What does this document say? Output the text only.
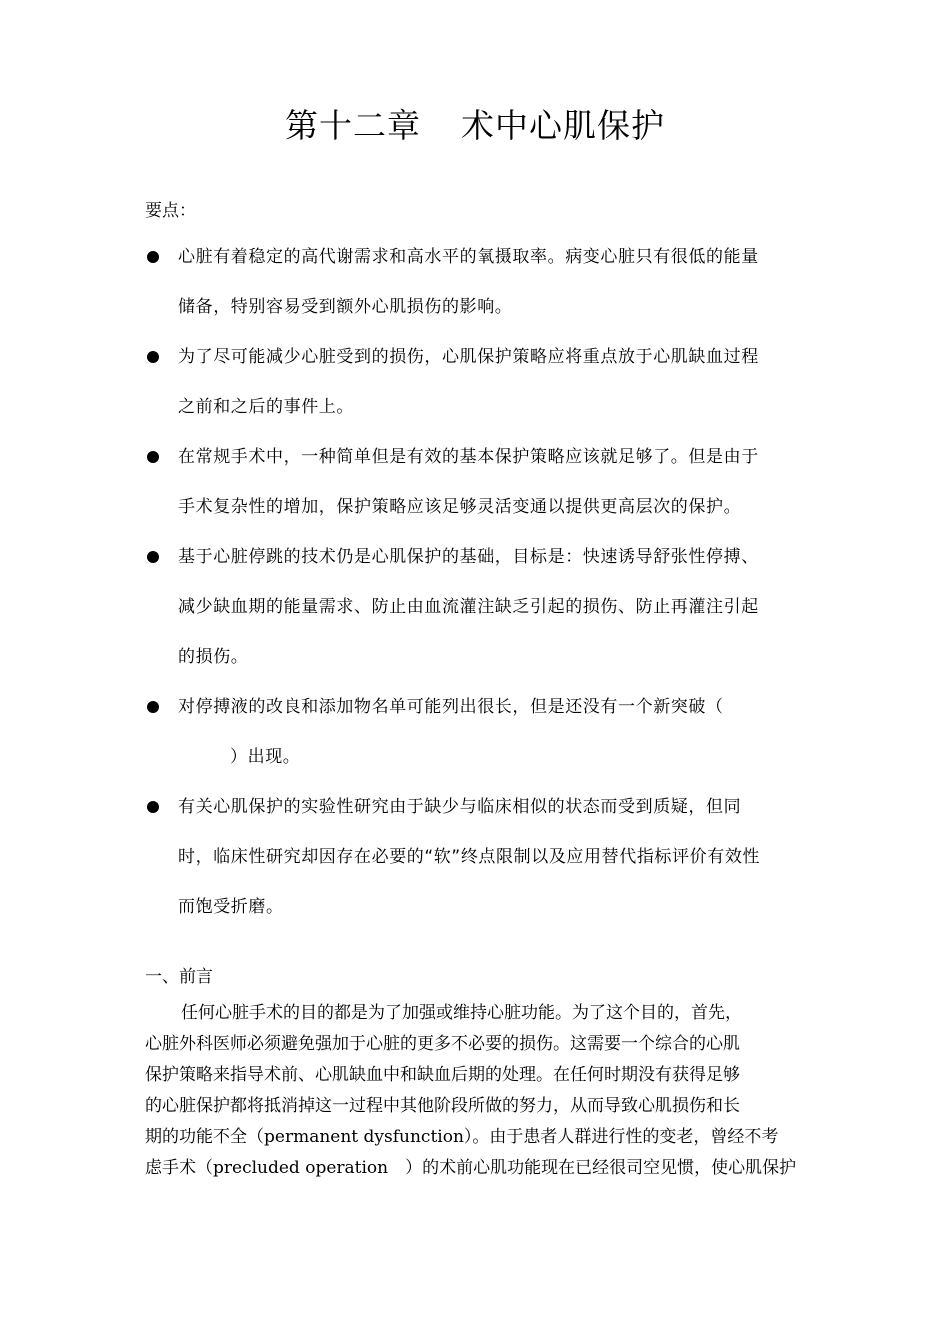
第十二章 术中心肌保护
要点：
心脏有着稳定的高代谢需求和高水平的氧摄取率。病变心脏只有很低的能量
储备，特别容易受到额外心肌损伤的影响。
为了尽可能减少心脏受到的损伤，心肌保护策略应将重点放于心肌缺血过程
之前和之后的事件上。
在常规手术中，一种简单但是有效的基本保护策略应该就足够了。但是由于
手术复杂性的增加，保护策略应该足够灵活变通以提供更高层次的保护。
基于心脏停跳的技术仍是心肌保护的基础，目标是：快速诱导舒张性停搏、
减少缺血期的能量需求、防止由血流灌注缺乏引起的损伤、防止再灌注引起
的损伤。
对停搏液的改良和添加物名单可能列出很长，但是还没有一个新突破（
）出现。
有关心肌保护的实验性研究由于缺少与临床相似的状态而受到质疑，但同
时，临床性研究却因存在必要的“软”终点限制以及应用替代指标评价有效性
而饱受折磨。
一、前言
任何心脏手术的目的都是为了加强或维持心脏功能。为了这个目的，首先，
心脏外科医师必须避免强加于心脏的更多不必要的损伤。这需要一个综合的心肌
保护策略来指导术前、心肌缺血中和缺血后期的处理。在任何时期没有获得足够
的心脏保护都将抵消掉这一过程中其他阶段所做的努力，从而导致心肌损伤和长
期的功能不全（permanent dysfunction）。由于患者人群进行性的变老，曾经不考
虑手术（precluded operation　）的术前心肌功能现在已经很司空见惯，使心肌保护
